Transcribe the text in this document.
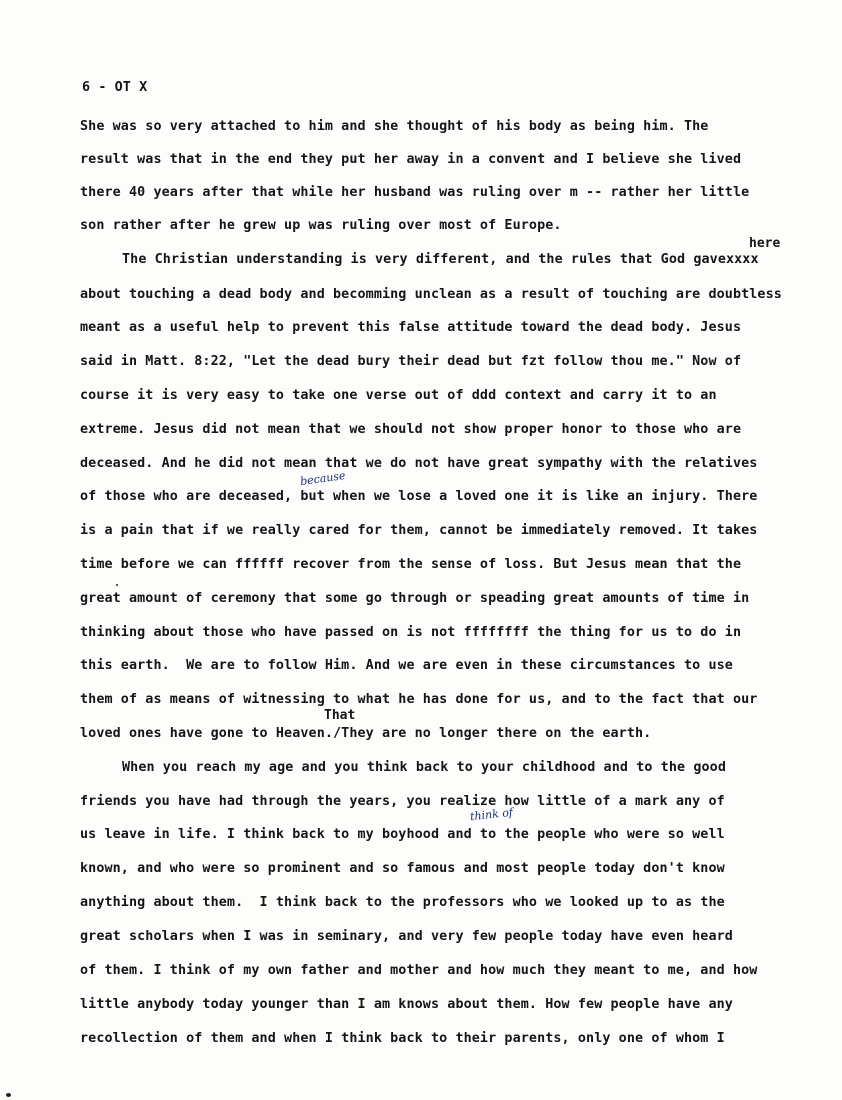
6 - OT X
here
because
That
think of
She was so very attached to him and she thought of his body as being him. The
result was that in the end they put her away in a convent and I believe she lived
there 40 years after that while her husband was ruling over m -- rather her little
son rather after he grew up was ruling over most of Europe.
The Christian understanding is very different, and the rules that God gavexxxx
about touching a dead body and becomming unclean as a result of touching are doubtless
meant as a useful help to prevent this false attitude toward the dead body. Jesus
said in Matt. 8:22, "Let the dead bury their dead but fzt follow thou me." Now of
course it is very easy to take one verse out of ddd context and carry it to an
extreme. Jesus did not mean that we should not show proper honor to those who are
deceased. And he did not mean that we do not have great sympathy with the relatives
of those who are deceased, but when we lose a loved one it is like an injury. There
is a pain that if we really cared for them, cannot be immediately removed. It takes
time before we can ffffff recover from the sense of loss. But Jesus mean that the
great amount of ceremony that some go through or speading great amounts of time in
thinking about those who have passed on is not ffffffff the thing for us to do in
this earth.  We are to follow Him. And we are even in these circumstances to use
them of as means of witnessing to what he has done for us, and to the fact that our
loved ones have gone to Heaven./They are no longer there on the earth.
When you reach my age and you think back to your childhood and to the good
friends you have had through the years, you realize how little of a mark any of
us leave in life. I think back to my boyhood and to the people who were so well
known, and who were so prominent and so famous and most people today don't know
anything about them.  I think back to the professors who we looked up to as the
great scholars when I was in seminary, and very few people today have even heard
of them. I think of my own father and mother and how much they meant to me, and how
little anybody today younger than I am knows about them. How few people have any
recollection of them and when I think back to their parents, only one of whom I
